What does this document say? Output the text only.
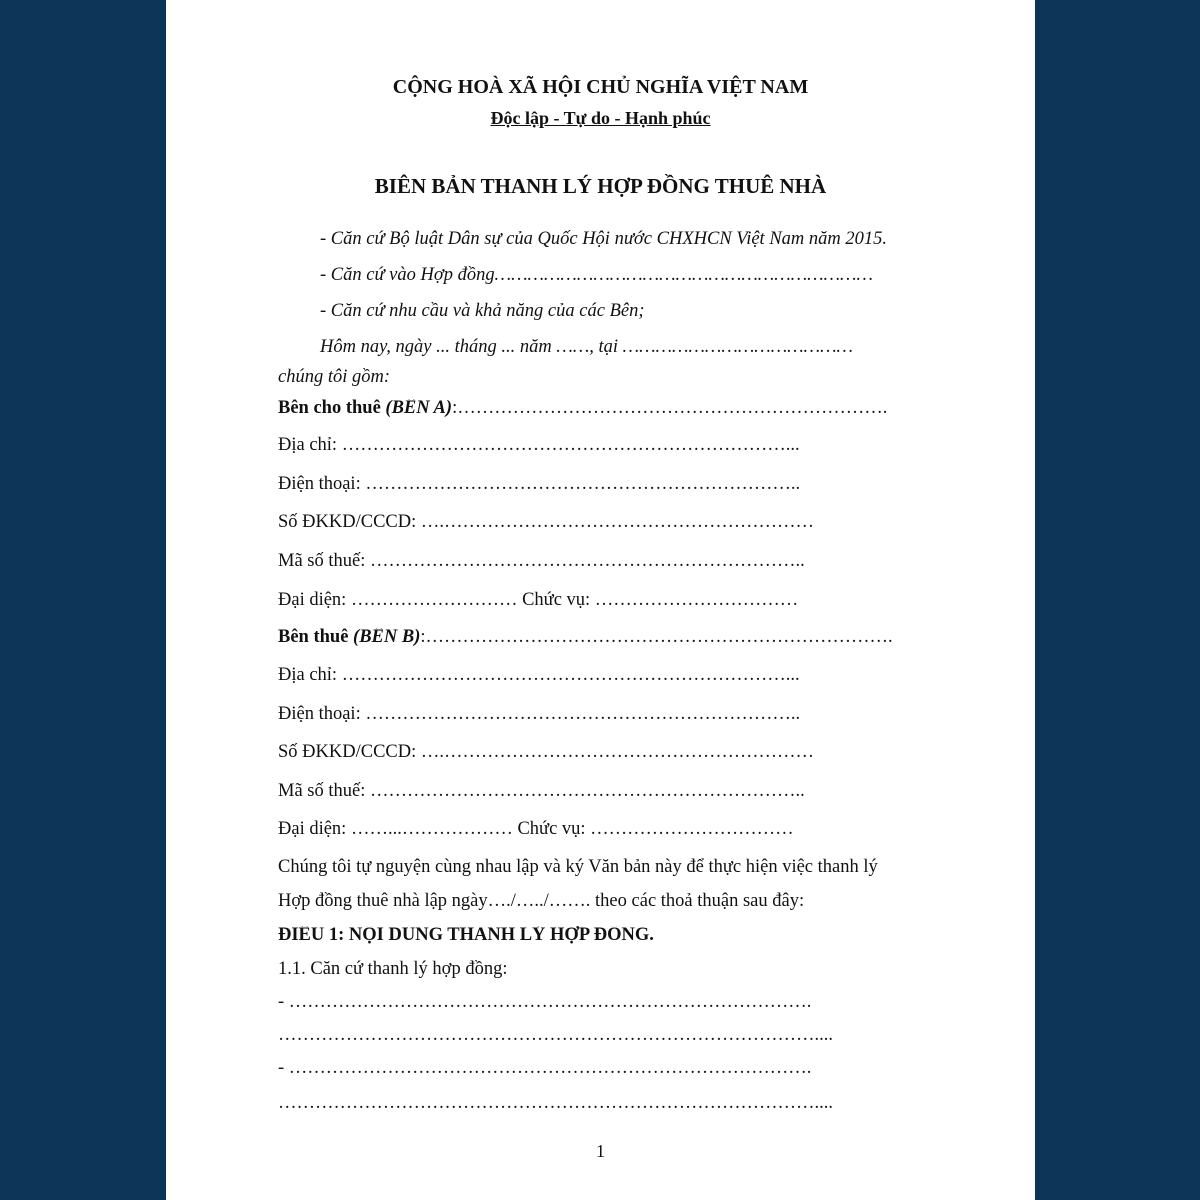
CỘNG HOÀ XÃ HỘI CHỦ NGHĨA VIỆT NAM
Độc lập - Tự do - Hạnh phúc
BIÊN BẢN THANH LÝ HỢP ĐỒNG THUÊ NHÀ
- Căn cứ Bộ luật Dân sự của Quốc Hội nước CHXHCN Việt Nam năm 2015.
- Căn cứ vào Hợp đồng……………………………………………………………
- Căn cứ nhu cầu và khả năng của các Bên;
Hôm nay, ngày ... tháng ... năm ……, tại ……………………………………
chúng tôi gồm:
Bên cho thuê (BÊN A):…………………………………………………………….
Địa chỉ: ………………………………………………………………...
Điện thoại: ……………………………………………………………..
Số ĐKKD/CCCD: ….……………………………………………………
Mã số thuế: ……………………………………………………………..
Đại diện: ……………………… Chức vụ: ……………………………
Bên thuê (BÊN B):………………………………………………………………….
Địa chỉ: ………………………………………………………………...
Điện thoại: ……………………………………………………………..
Số ĐKKD/CCCD: ….……………………………………………………
Mã số thuế: ……………………………………………………………..
Đại diện: ……...……………… Chức vụ: ……………………………
Chúng tôi tự nguyện cùng nhau lập và ký Văn bản này để thực hiện việc thanh lý
Hợp đồng thuê nhà lập ngày…./…../……. theo các thoả thuận sau đây:
ĐIỀU 1: NỘI DUNG THANH LÝ HỢP ĐỒNG.
1.1. Căn cứ thanh lý hợp đồng:
- ………………………………………………………………………….
……………………………………………………………………………....
- ………………………………………………………………………….
……………………………………………………………………………....
1
